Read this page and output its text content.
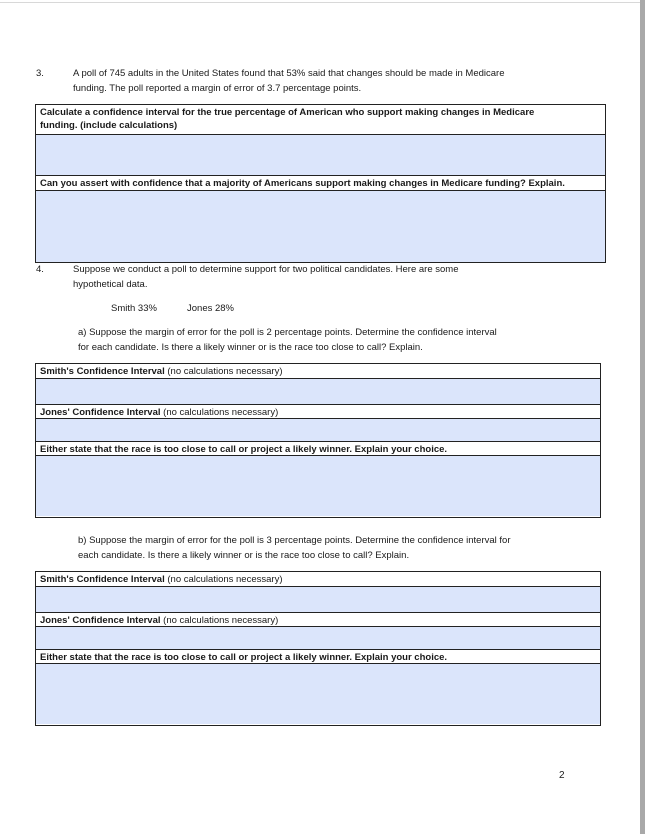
3.	A poll of 745 adults in the United States found that 53% said that changes should be made in Medicare
funding. The poll reported a margin of error of 3.7 percentage points.
Calculate a confidence interval for the true percentage of American who support making changes in Medicare
funding. (include calculations)
Can you assert with confidence that a majority of Americans support making changes in Medicare funding? Explain.
4.	Suppose we conduct a poll to determine support for two political candidates. Here are some
hypothetical data.
Smith 33%	Jones 28%
a) Suppose the margin of error for the poll is 2 percentage points. Determine the confidence interval
for each candidate. Is there a likely winner or is the race too close to call? Explain.
Smith's Confidence Interval (no calculations necessary)
Jones' Confidence Interval (no calculations necessary)
Either state that the race is too close to call or project a likely winner. Explain your choice.
b) Suppose the margin of error for the poll is 3 percentage points. Determine the confidence interval for
each candidate. Is there a likely winner or is the race too close to call? Explain.
Smith's Confidence Interval (no calculations necessary)
Jones' Confidence Interval (no calculations necessary)
Either state that the race is too close to call or project a likely winner. Explain your choice.
2
